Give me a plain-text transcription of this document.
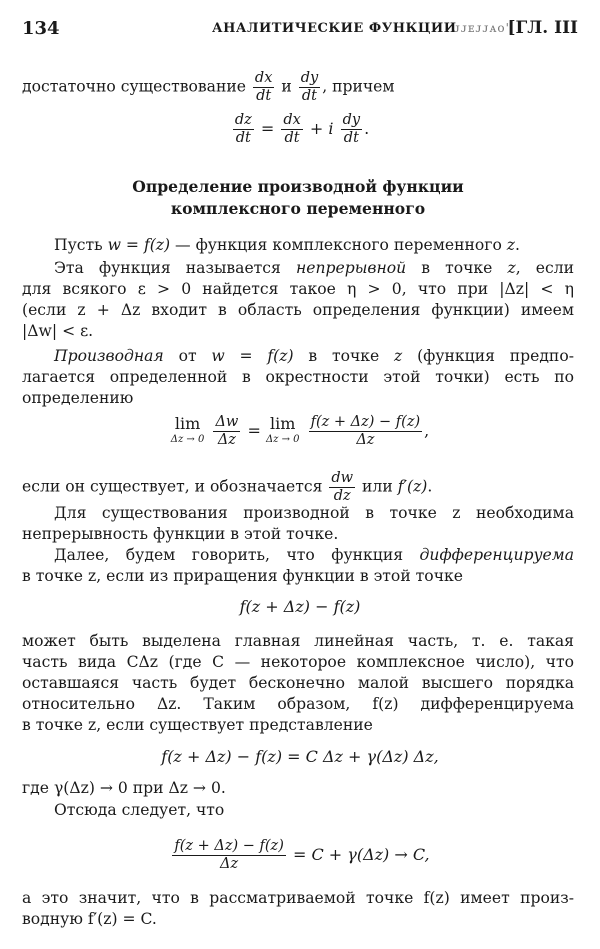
134	АНАЛИТИЧЕСКИЕ ФУНКЦИИ
ᴊᴊᴇᴊᴊᴀᴏ'
[ГЛ. III
достаточно существование $\frac{dx}{dt}$ и $\frac{dy}{dt}$ , причем
$\frac{dz}{dt} = \frac{dx}{dt} + i \frac{dy}{dt}$ .
Определение производной функции комплексного переменного
Пусть w = f(z) — функция комплексного переменного z.
Эта функция называется непрерывной в точке z, если
для всякого ε > 0 найдется такое η > 0, что при |Δz| < η
(если z + Δz входит в область определения функции) имеем
|Δw| < ε.
Производная от w = f(z) в точке z (функция предпо-
лагается определенной в окрестности этой точки) есть по
определению
lim
Δz → 0
$\frac{\Delta w}{\Delta z} = \lim$
Δz → 0
$\frac{f(z + \Delta z) - f(z)}{\Delta z}$ ,
если он существует, и обозначается $\frac{dw}{dz}$ или f′(z).
Для существования производной в точке z необходима
непрерывность функции в этой точке.
Далее, будем говорить, что функция дифференцируема
в точке z, если из приращения функции в этой точке
f(z + Δz) − f(z)
может быть выделена главная линейная часть, т. е. такая
часть вида CΔz (где C — некоторое комплексное число), что
оставшаяся часть будет бесконечно малой высшего порядка
относительно Δz. Таким образом, f(z) дифференцируема
в точке z, если существует представление
f(z + Δz) − f(z) = C Δz + γ(Δz) Δz,
где γ(Δz) → 0 при Δz → 0.
Отсюда следует, что
$\frac{f(z + \Delta z) - f(z)}{\Delta z} = C + \gamma(\Delta z) \to C$,
а это значит, что в рассматриваемой точке f(z) имеет произ-
водную f′(z) = C.
